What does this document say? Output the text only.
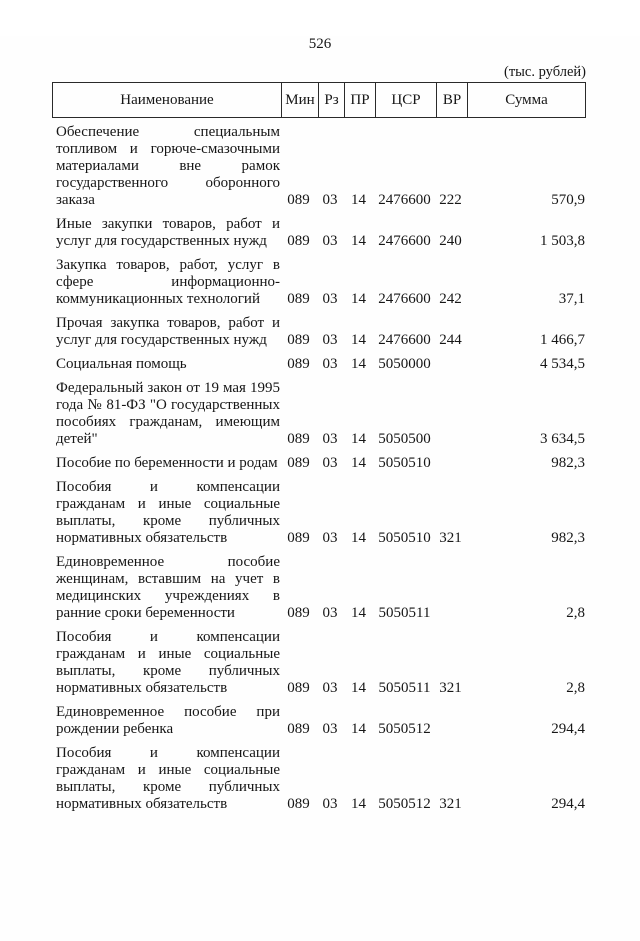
526
(тыс. рублей)
Наименование	Мин Рз ПР	ЦСР	ВР	Сумма
Обеспечение специальным топливом и горюче-смазочными материалами вне рамок государственного оборонного заказа	089 03 14 2476600 222	570,9
Иные закупки товаров, работ и услуг для государственных нужд	089 03 14 2476600 240	1 503,8
Закупка товаров, работ, услуг в сфере информационно-коммуникационных технологий	089 03 14 2476600 242	37,1
Прочая закупка товаров, работ и услуг для государственных нужд	089 03 14 2476600 244	1 466,7
Социальная помощь	089 03 14 5050000	4 534,5
Федеральный закон от 19 мая 1995 года № 81-ФЗ "О государственных пособиях гражданам, имеющим детей"	089 03 14 5050500	3 634,5
Пособие по беременности и родам 089 03 14 5050510	982,3
Пособия и компенсации гражданам и иные социальные выплаты, кроме публичных нормативных обязательств	089 03 14 5050510 321	982,3
Единовременное пособие женщинам, вставшим на учет в медицинских учреждениях в ранние сроки беременности	089 03 14 5050511	2,8
Пособия и компенсации гражданам и иные социальные выплаты, кроме публичных нормативных обязательств	089 03 14 5050511 321	2,8
Единовременное пособие при рождении ребенка	089 03 14 5050512	294,4
Пособия и компенсации гражданам и иные социальные выплаты, кроме публичных нормативных обязательств	089 03 14 5050512 321	294,4
